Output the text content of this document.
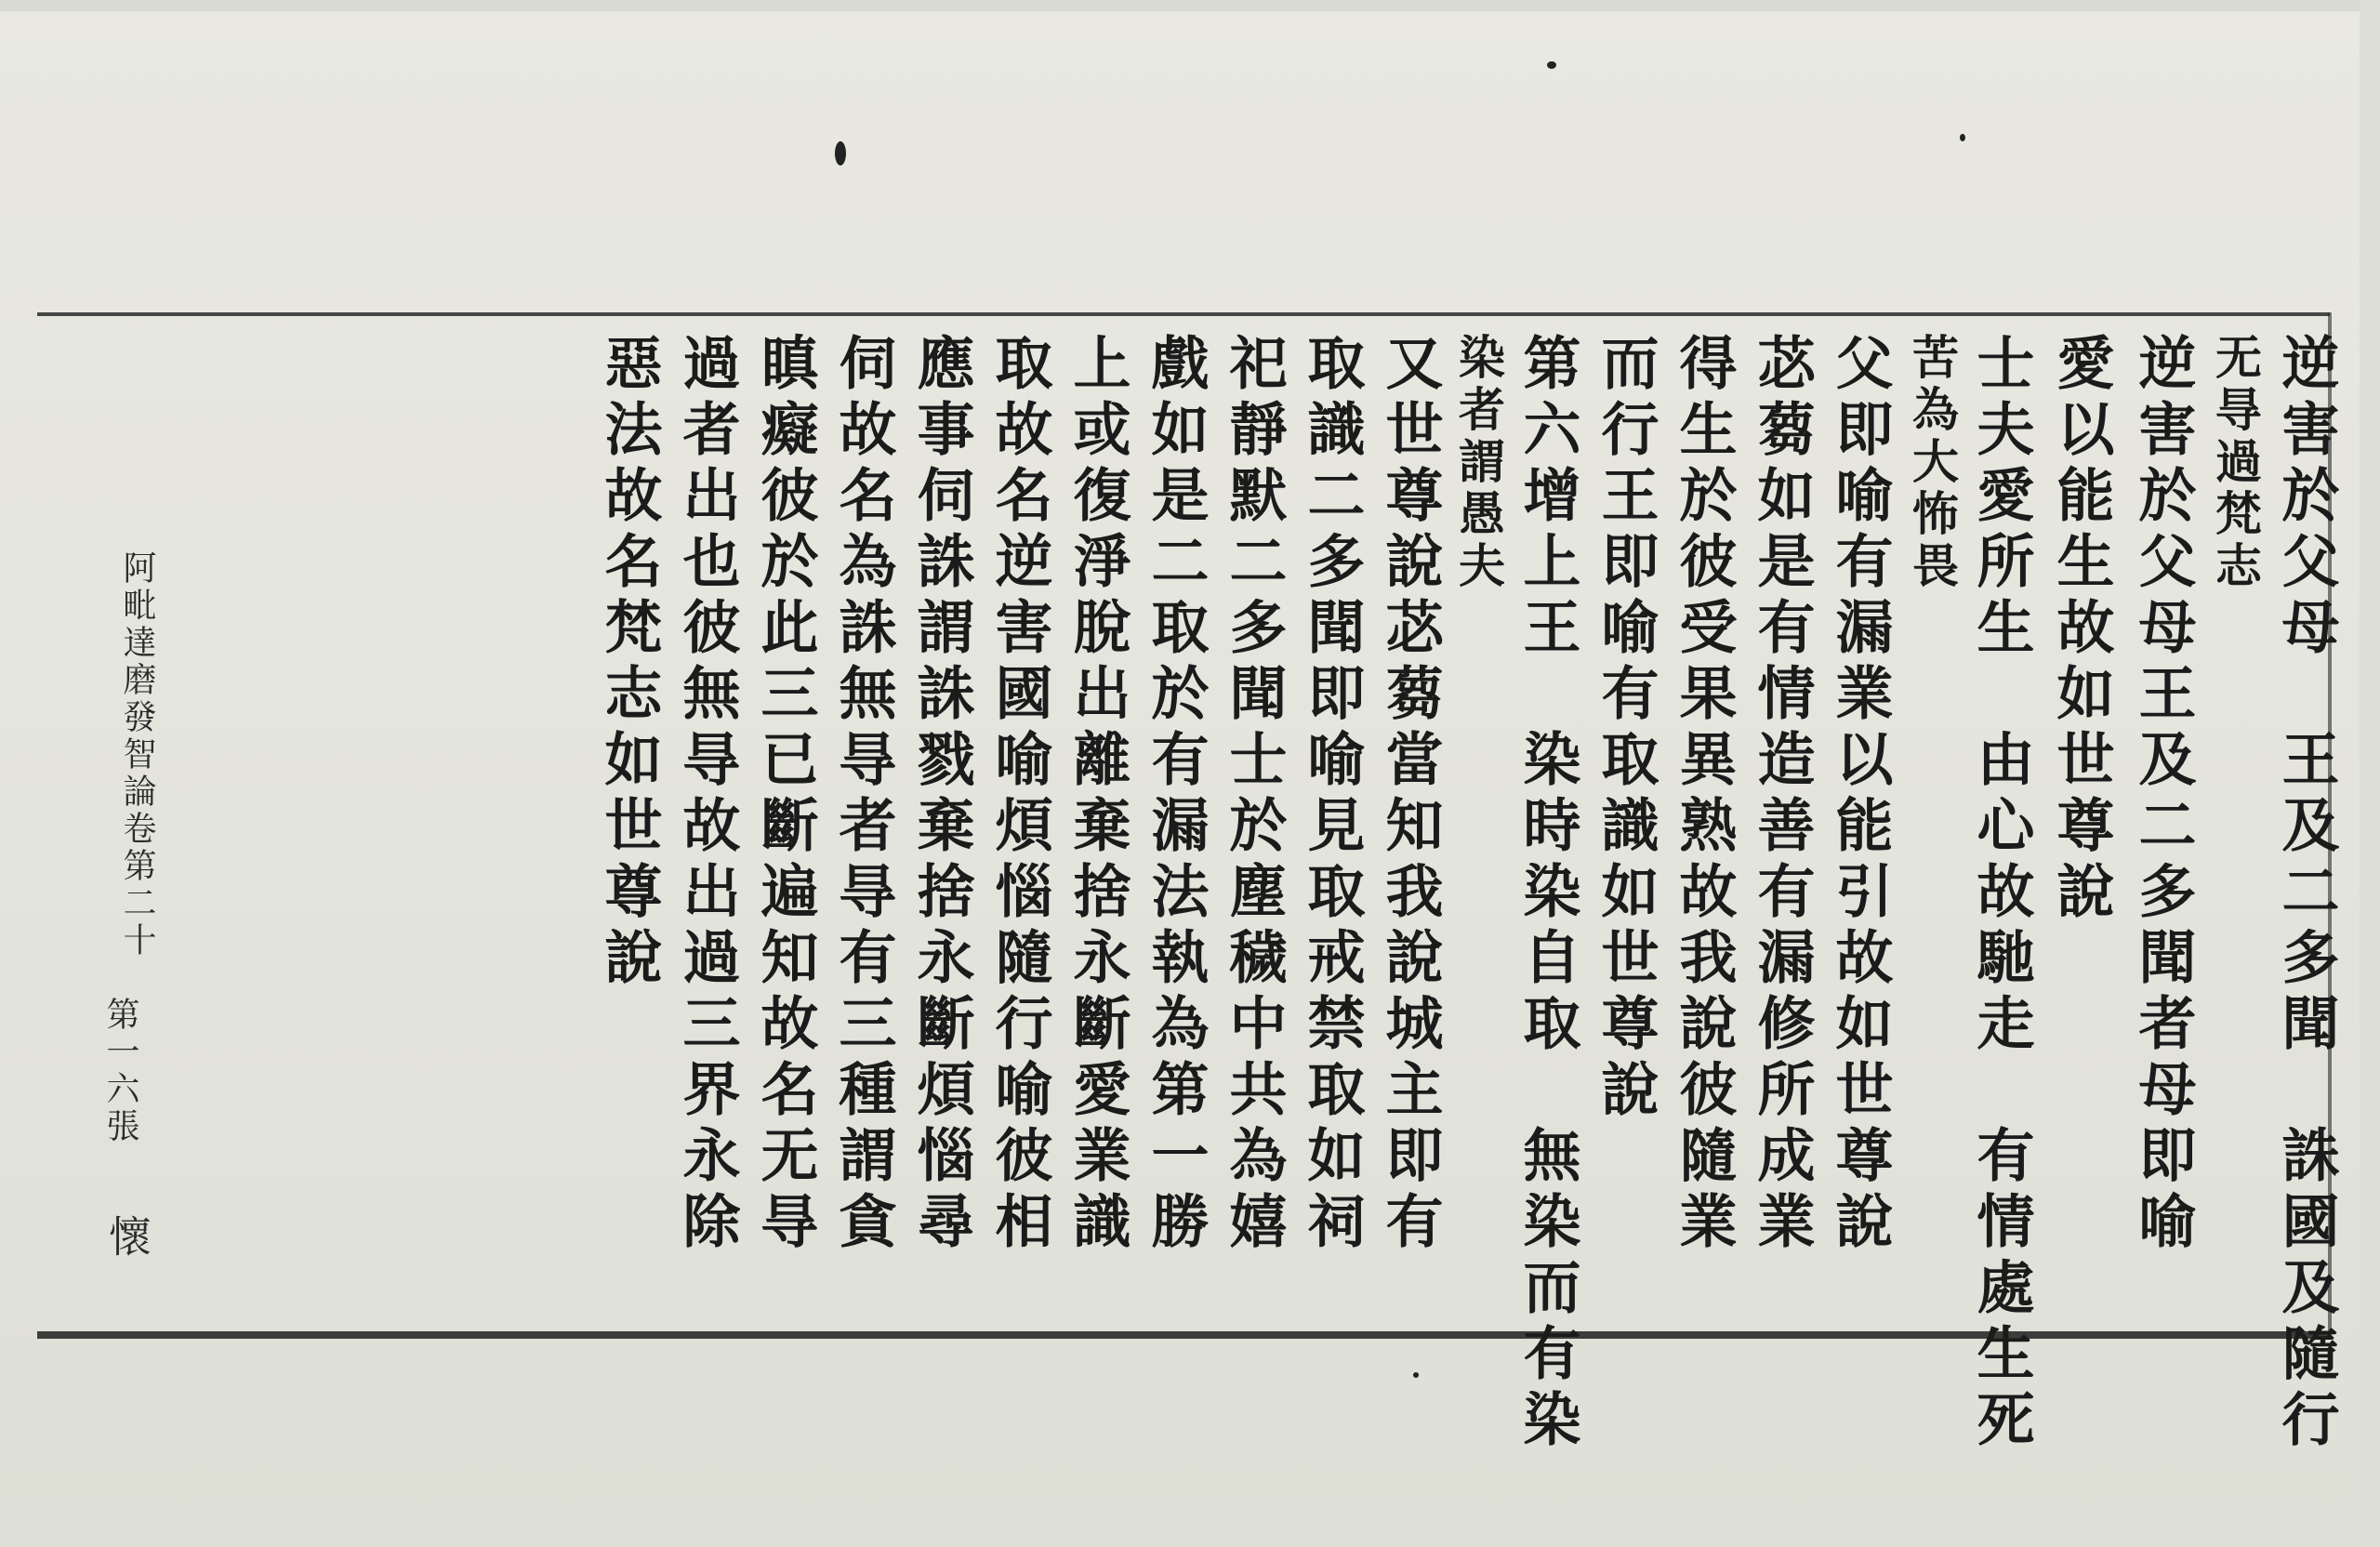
逆害於父母　王及二多聞　誅國及隨行
无㝵過梵志
逆害於父母王及二多聞者母即喻
愛以能生故如世尊說
士夫愛所生　由心故馳走　有情處生死
苦為大怖畏
父即喻有漏業以能引故如世尊說
苾蒭如是有情造善有漏修所成業
得生於彼受果異熟故我說彼隨業
而行王即喻有取識如世尊說
第六增上王　染時染自取　無染而有染
染者謂愚夫
又世尊說苾蒭當知我說城主即有
取識二多聞即喻見取戒禁取如祠
祀靜默二多聞士於塵穢中共為嬉
戲如是二取於有漏法執為第一勝
上或復淨脫出離棄捨永斷愛業識
取故名逆害國喻煩惱隨行喻彼相
應事伺誅謂誅戮棄捨永斷煩惱尋
伺故名為誅無㝵者㝵有三種謂貪
瞋癡彼於此三已斷遍知故名无㝵
過者出也彼無㝵故出過三界永除
惡法故名梵志如世尊說
阿毗達磨發智論卷第二十
第一六張
懷
